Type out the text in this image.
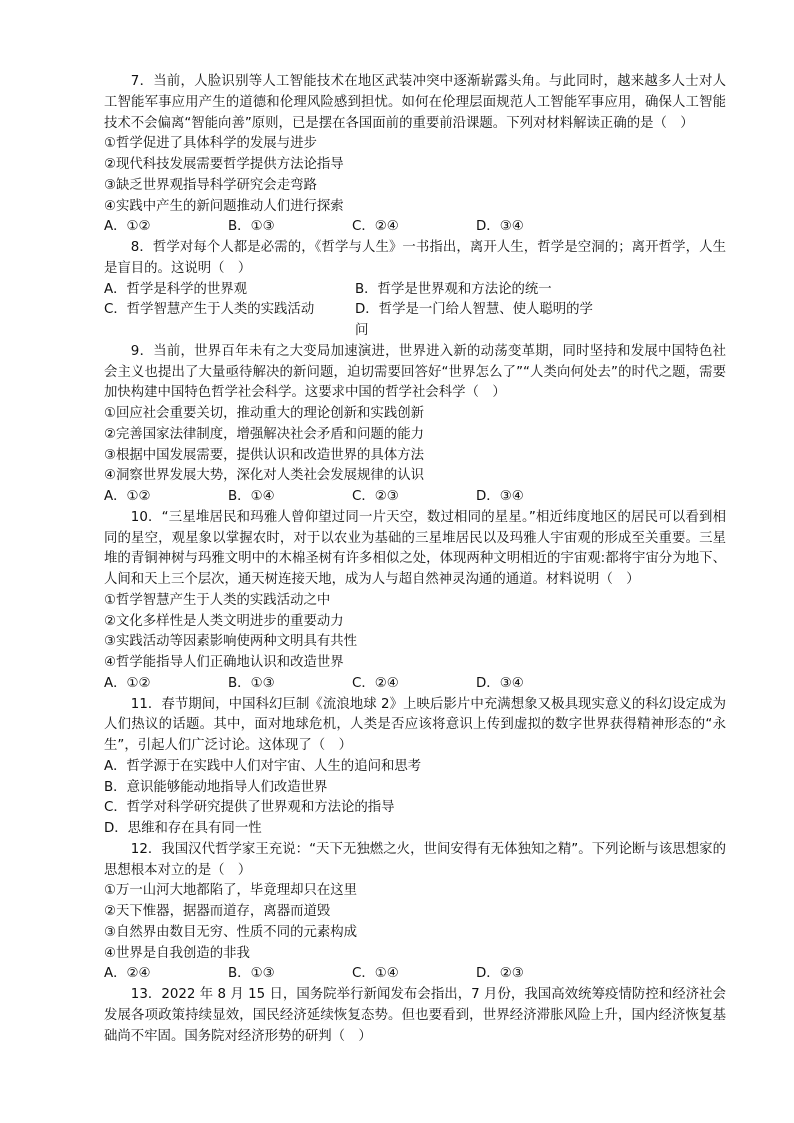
7．当前，人脸识别等人工智能技术在地区武装冲突中逐渐崭露头角。与此同时，越来越多人士对人工智能军事应用产生的道德和伦理风险感到担忧。如何在伦理层面规范人工智能军事应用，确保人工智能技术不会偏离“智能向善”原则，已是摆在各国面前的重要前沿课题。下列对材料解读正确的是（　）
①哲学促进了具体科学的发展与进步
②现代科技发展需要哲学提供方法论指导
③缺乏世界观指导科学研究会走弯路
④实践中产生的新问题推动人们进行探索
A．①②	B．①③	C．②④	D．③④
8．哲学对每个人都是必需的，《哲学与人生》一书指出，离开人生，哲学是空洞的；离开哲学，人生是盲目的。这说明（　）
A．哲学是科学的世界观	B．哲学是世界观和方法论的统一
C．哲学智慧产生于人类的实践活动	D．哲学是一门给人智慧、使人聪明的学问
9．当前，世界百年未有之大变局加速演进，世界进入新的动荡变革期，同时坚持和发展中国特色社会主义也提出了大量亟待解决的新问题，迫切需要回答好“世界怎么了”“人类向何处去”的时代之题，需要加快构建中国特色哲学社会科学。这要求中国的哲学社会科学（　）
①回应社会重要关切，推动重大的理论创新和实践创新
②完善国家法律制度，增强解决社会矛盾和问题的能力
③根据中国发展需要，提供认识和改造世界的具体方法
④洞察世界发展大势，深化对人类社会发展规律的认识
A．①②	B．①④	C．②③	D．③④
10．“三星堆居民和玛雅人曾仰望过同一片天空，数过相同的星星。”相近纬度地区的居民可以看到相同的星空，观星象以掌握农时，对于以农业为基础的三星堆居民以及玛雅人宇宙观的形成至关重要。三星堆的青铜神树与玛雅文明中的木棉圣树有许多相似之处，体现两种文明相近的宇宙观:都将宇宙分为地下、人间和天上三个层次，通天树连接天地，成为人与超自然神灵沟通的通道。材料说明（　）
①哲学智慧产生于人类的实践活动之中
②文化多样性是人类文明进步的重要动力
③实践活动等因素影响使两种文明具有共性
④哲学能指导人们正确地认识和改造世界
A．①②	B．①③	C．②④	D．③④
11．春节期间，中国科幻巨制《流浪地球 2》上映后影片中充满想象又极具现实意义的科幻设定成为人们热议的话题。其中，面对地球危机，人类是否应该将意识上传到虚拟的数字世界获得精神形态的“永生”，引起人们广泛讨论。这体现了（　）
A．哲学源于在实践中人们对宇宙、人生的追问和思考
B．意识能够能动地指导人们改造世界
C．哲学对科学研究提供了世界观和方法论的指导
D．思维和存在具有同一性
12．我国汉代哲学家王充说：“天下无独燃之火，世间安得有无体独知之精”。下列论断与该思想家的思想根本对立的是（　）
①万一山河大地都陷了，毕竟理却只在这里
②天下惟器，据器而道存，离器而道毁
③自然界由数目无穷、性质不同的元素构成
④世界是自我创造的非我
A．②④	B．①③	C．①④	D．②③
13．2022 年 8 月 15 日，国务院举行新闻发布会指出，7 月份，我国高效统筹疫情防控和经济社会发展各项政策持续显效，国民经济延续恢复态势。但也要看到，世界经济滞胀风险上升，国内经济恢复基础尚不牢固。国务院对经济形势的研判（　）
